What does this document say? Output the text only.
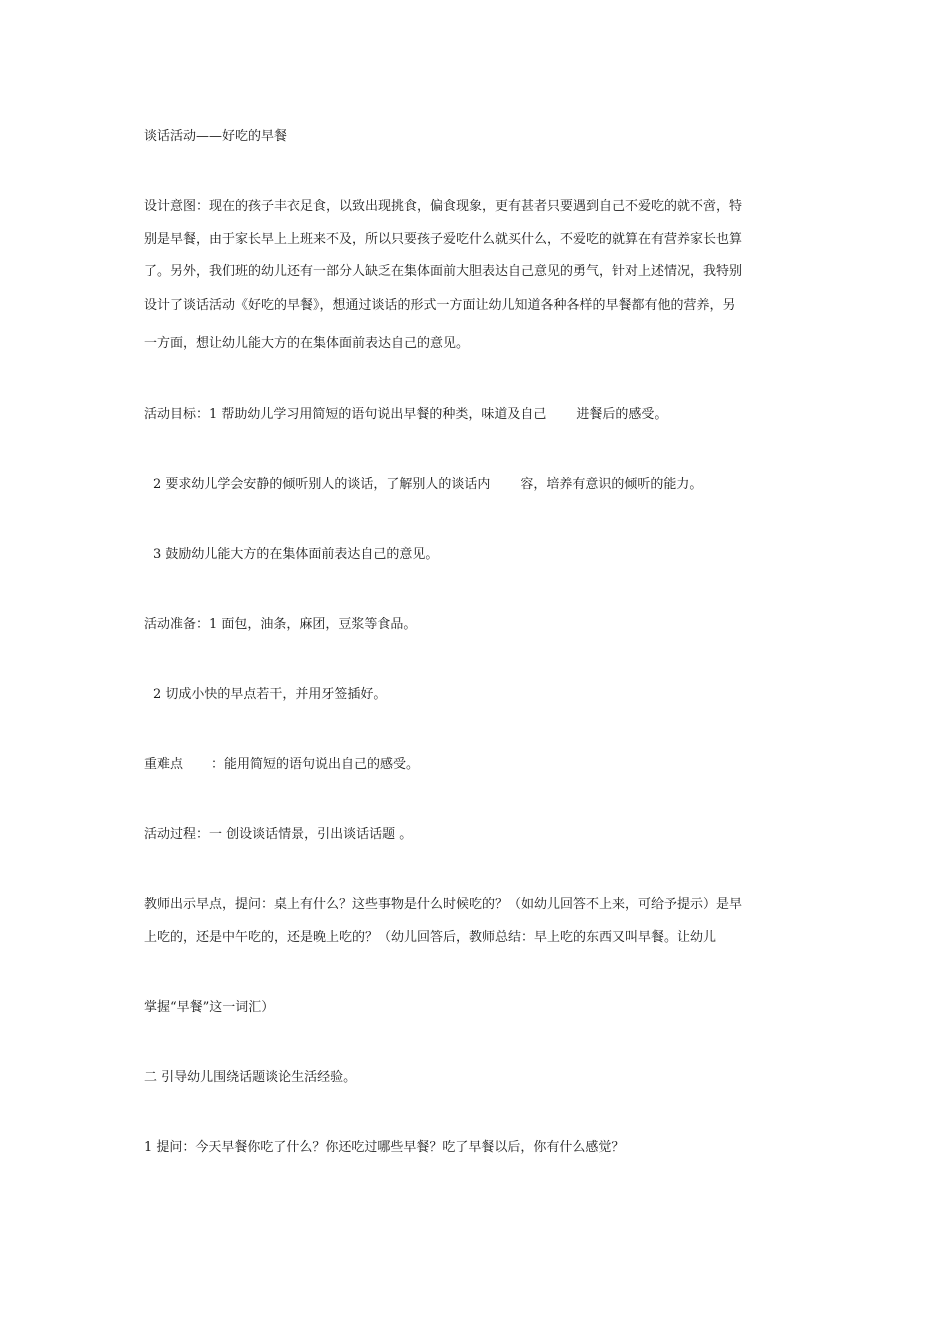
谈话活动——好吃的早餐
设计意图：现在的孩子丰衣足食，以致出现挑食，偏食现象，更有甚者只要遇到自己不爱吃的就不啻，特
别是早餐，由于家长早上上班来不及，所以只要孩子爱吃什么就买什么，不爱吃的就算在有营养家长也算
了。另外，我们班的幼儿还有一部分人缺乏在集体面前大胆表达自己意见的勇气，针对上述情况，我特别
设计了谈话活动《好吃的早餐》，想通过谈话的形式一方面让幼儿知道各种各样的早餐都有他的营养，另
一方面，想让幼儿能大方的在集体面前表达自己的意见。
活动目标：1 帮助幼儿学习用简短的语句说出早餐的种类，味道及自己 进餐后的感受。
2 要求幼儿学会安静的倾听别人的谈话，了解别人的谈话内 容，培养有意识的倾听的能力。
3 鼓励幼儿能大方的在集体面前表达自己的意见。
活动准备：1 面包，油条，麻团，豆浆等食品。
2 切成小快的早点若干，并用牙签插好。
重难点 ：能用简短的语句说出自己的感受。
活动过程：一 创设谈话情景，引出谈话话题 。
教师出示早点，提问：桌上有什么？这些事物是什么时候吃的？（如幼儿回答不上来，可给予提示）是早
上吃的，还是中午吃的，还是晚上吃的？（幼儿回答后，教师总结：早上吃的东西又叫早餐。让幼儿
掌握“早餐”这一词汇）
二 引导幼儿围绕话题谈论生活经验。
1 提问：今天早餐你吃了什么？你还吃过哪些早餐？吃了早餐以后，你有什么感觉？
